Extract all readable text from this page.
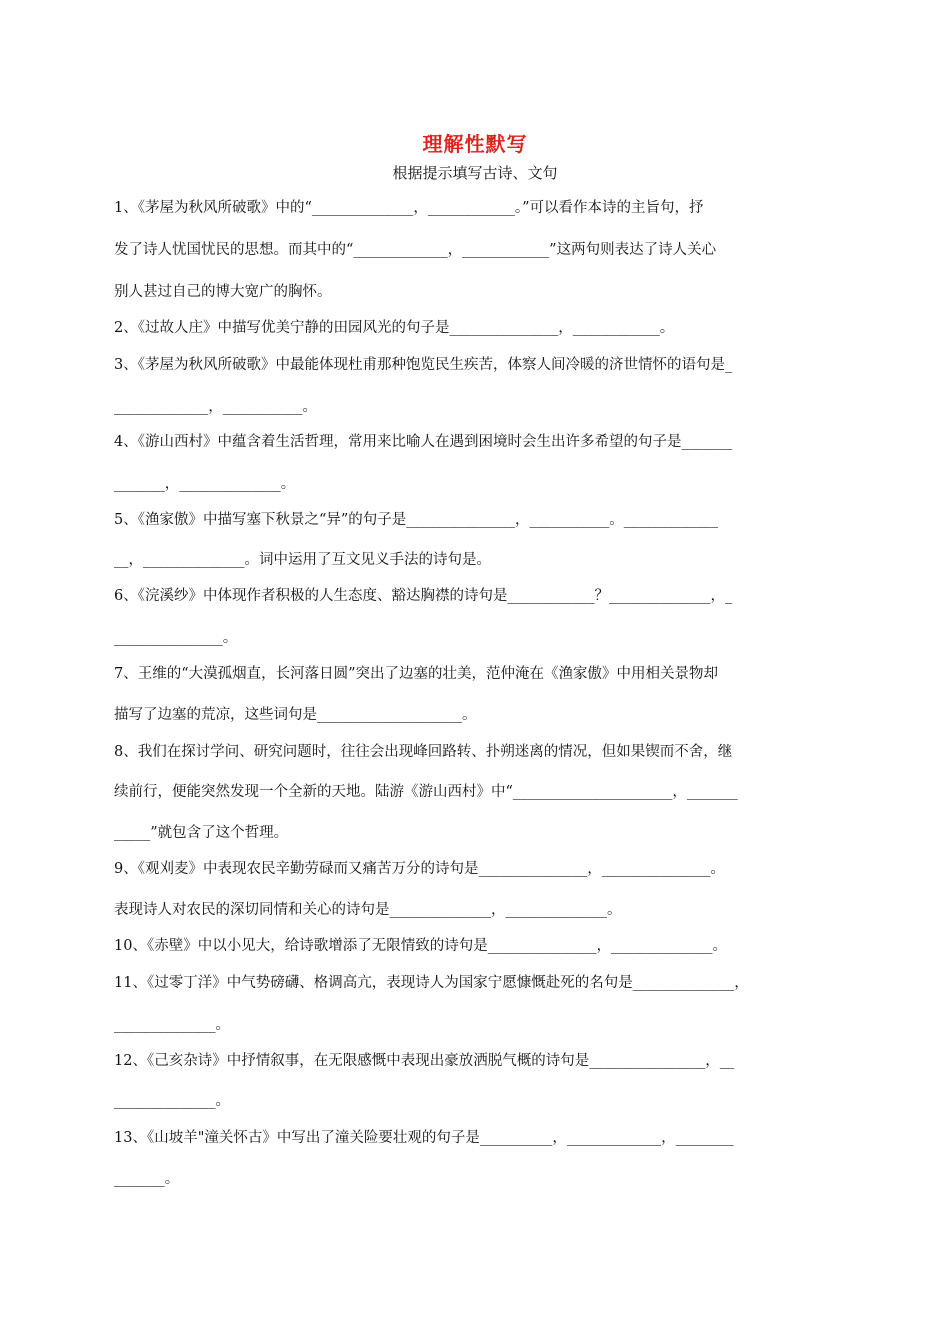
理解性默写
根据提示填写古诗、文句
1、《茅屋为秋风所破歌》中的“______________，____________。”可以看作本诗的主旨句，抒
发了诗人忧国忧民的思想。而其中的“_____________，____________”这两句则表达了诗人关心
别人甚过自己的博大宽广的胸怀。
2、《过故人庄》中描写优美宁静的田园风光的句子是_______________，____________。
3、《茅屋为秋风所破歌》中最能体现杜甫那种饱览民生疾苦，体察人间冷暖的济世情怀的语句是_
_____________，___________。
4、《游山西村》中蕴含着生活哲理，常用来比喻人在遇到困境时会生出许多希望的句子是_______
_______，______________。
5、《渔家傲》中描写塞下秋景之“异”的句子是_______________，___________。_____________
__，______________。词中运用了互文见义手法的诗句是。
6、《浣溪纱》中体现作者积极的人生态度、豁达胸襟的诗句是____________？______________，_
_______________。
7、王维的“大漠孤烟直，长河落日圆”突出了边塞的壮美，范仲淹在《渔家傲》中用相关景物却
描写了边塞的荒凉，这些词句是____________________。
8、我们在探讨学问、研究问题时，往往会出现峰回路转、扑朔迷离的情况，但如果锲而不舍，继
续前行，便能突然发现一个全新的天地。陆游《游山西村》中“______________________，_______
_____”就包含了这个哲理。
9、《观刈麦》中表现农民辛勤劳碌而又痛苦万分的诗句是_______________，_______________。
表现诗人对农民的深切同情和关心的诗句是______________，______________。
10、《赤壁》中以小见大，给诗歌增添了无限情致的诗句是_______________，______________。
11、《过零丁洋》中气势磅礴、格调高亢，表现诗人为国家宁愿慷慨赴死的名句是______________，
______________。
12、《己亥杂诗》中抒情叙事，在无限感慨中表现出豪放洒脱气概的诗句是________________，__
______________。
13、《山坡羊"潼关怀古》中写出了潼关险要壮观的句子是__________，_____________，________
_______。
